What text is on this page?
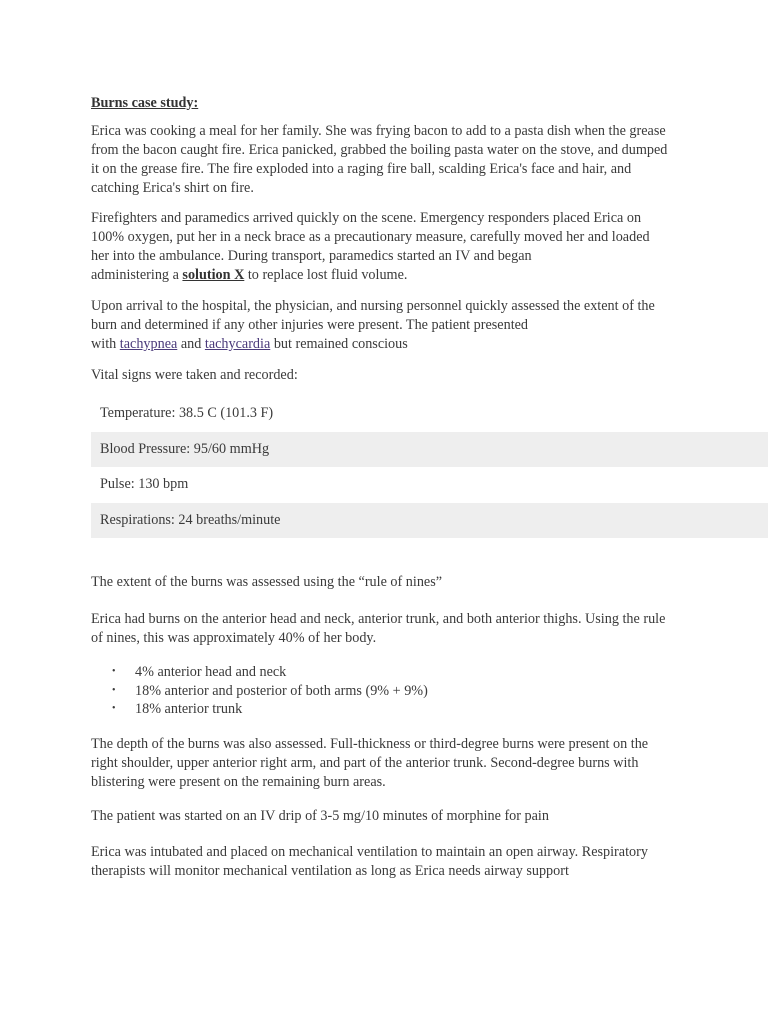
Burns case study:
Erica was cooking a meal for her family. She was frying bacon to add to a pasta dish when the grease
from the bacon caught fire. Erica panicked, grabbed the boiling pasta water on the stove, and dumped
it on the grease fire. The fire exploded into a raging fire ball, scalding Erica's face and hair, and
catching Erica's shirt on fire.
Firefighters and paramedics arrived quickly on the scene. Emergency responders placed Erica on
100% oxygen, put her in a neck brace as a precautionary measure, carefully moved her and loaded
her into the ambulance. During transport, paramedics started an IV and began
administering a solution X to replace lost fluid volume.
Upon arrival to the hospital, the physician, and nursing personnel quickly assessed the extent of the
burn and determined if any other injuries were present. The patient presented
with tachypnea and tachycardia but remained conscious
Vital signs were taken and recorded:
Temperature: 38.5 C (101.3 F)
Blood Pressure: 95/60 mmHg
Pulse: 130 bpm
Respirations: 24 breaths/minute
The extent of the burns was assessed using the “rule of nines”
Erica had burns on the anterior head and neck, anterior trunk, and both anterior thighs. Using the rule
of nines, this was approximately 40% of her body.
• 4% anterior head and neck
• 18% anterior and posterior of both arms (9% + 9%)
• 18% anterior trunk
The depth of the burns was also assessed. Full-thickness or third-degree burns were present on the
right shoulder, upper anterior right arm, and part of the anterior trunk. Second-degree burns with
blistering were present on the remaining burn areas.
The patient was started on an IV drip of 3-5 mg/10 minutes of morphine for pain
Erica was intubated and placed on mechanical ventilation to maintain an open airway. Respiratory
therapists will monitor mechanical ventilation as long as Erica needs airway support
